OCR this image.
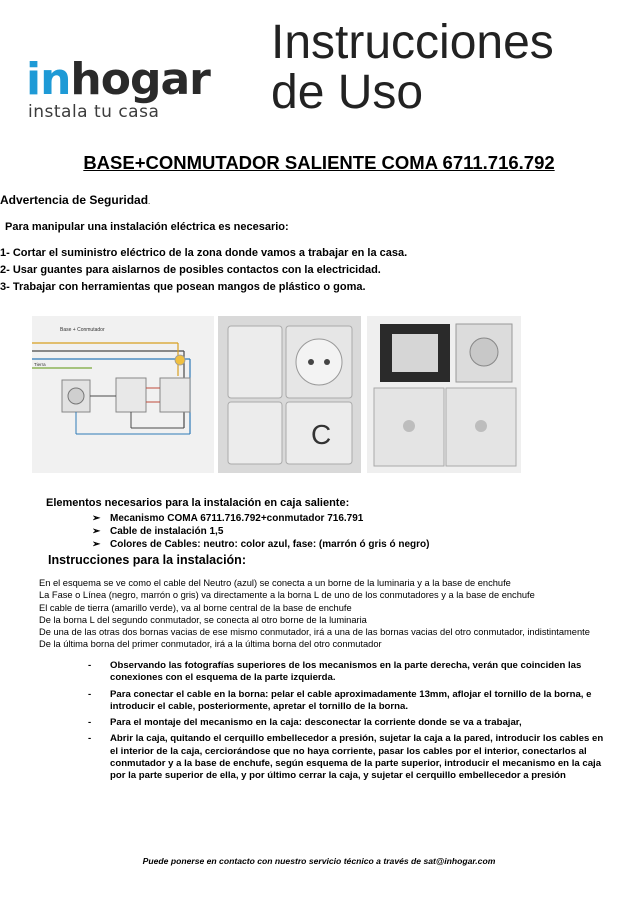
inhogar
instala tu casa
Instrucciones
de Uso
BASE+CONMUTADOR SALIENTE COMA 6711.716.792
Advertencia de Seguridad.
Para manipular una instalación eléctrica es necesario:
1- Cortar el suministro eléctrico de la zona donde vamos a trabajar en la casa.
2- Usar guantes para aislarnos de posibles contactos con la electricidad.
3- Trabajar con herramientas que posean mangos de plástico o goma.
Base + Conmutador
Tierra
C
Elementos necesarios para la instalación en caja saliente:
➢ Mecanismo COMA 6711.716.792+conmutador 716.791
➢ Cable de instalación 1,5
➢ Colores de Cables: neutro: color azul, fase: (marrón ó gris ó negro)
Instrucciones para la instalación:
En el esquema se ve como el cable del Neutro (azul) se conecta a un borne de la luminaria y a la base de enchufe
La Fase o Línea (negro, marrón o gris) va directamente a la borna L de uno de los conmutadores y a la base de enchufe
El cable de tierra (amarillo verde), va al borne central de la base de enchufe
De la borna L del segundo conmutador, se conecta al otro borne de la luminaria
De una de las otras dos bornas vacias de ese mismo conmutador, irá a una de las bornas vacias del otro conmutador, indistintamente
De la última borna del primer conmutador, irá a la última borna del otro conmutador
- Observando las fotografías superiores de los mecanismos en la parte derecha, verán que coinciden las conexiones con el esquema de la parte izquierda.
- Para conectar el cable en la borna: pelar el cable aproximadamente 13mm, aflojar el tornillo de la borna, e introducir el cable, posteriormente, apretar el tornillo de la borna.
- Para el montaje del mecanismo en la caja: desconectar la corriente donde se va a trabajar,
- Abrir la caja, quitando el cerquillo embellecedor a presión, sujetar la caja a la pared, introducir los cables en el interior de la caja, cerciorándose que no haya corriente, pasar los cables por el interior, conectarlos al conmutador y a la base de enchufe, según esquema de la parte superior, introducir el mecanismo en la caja por la parte superior de ella, y por último cerrar la caja, y sujetar el cerquillo embellecedor a presión
Puede ponerse en contacto con nuestro servicio técnico a través de sat@inhogar.com
